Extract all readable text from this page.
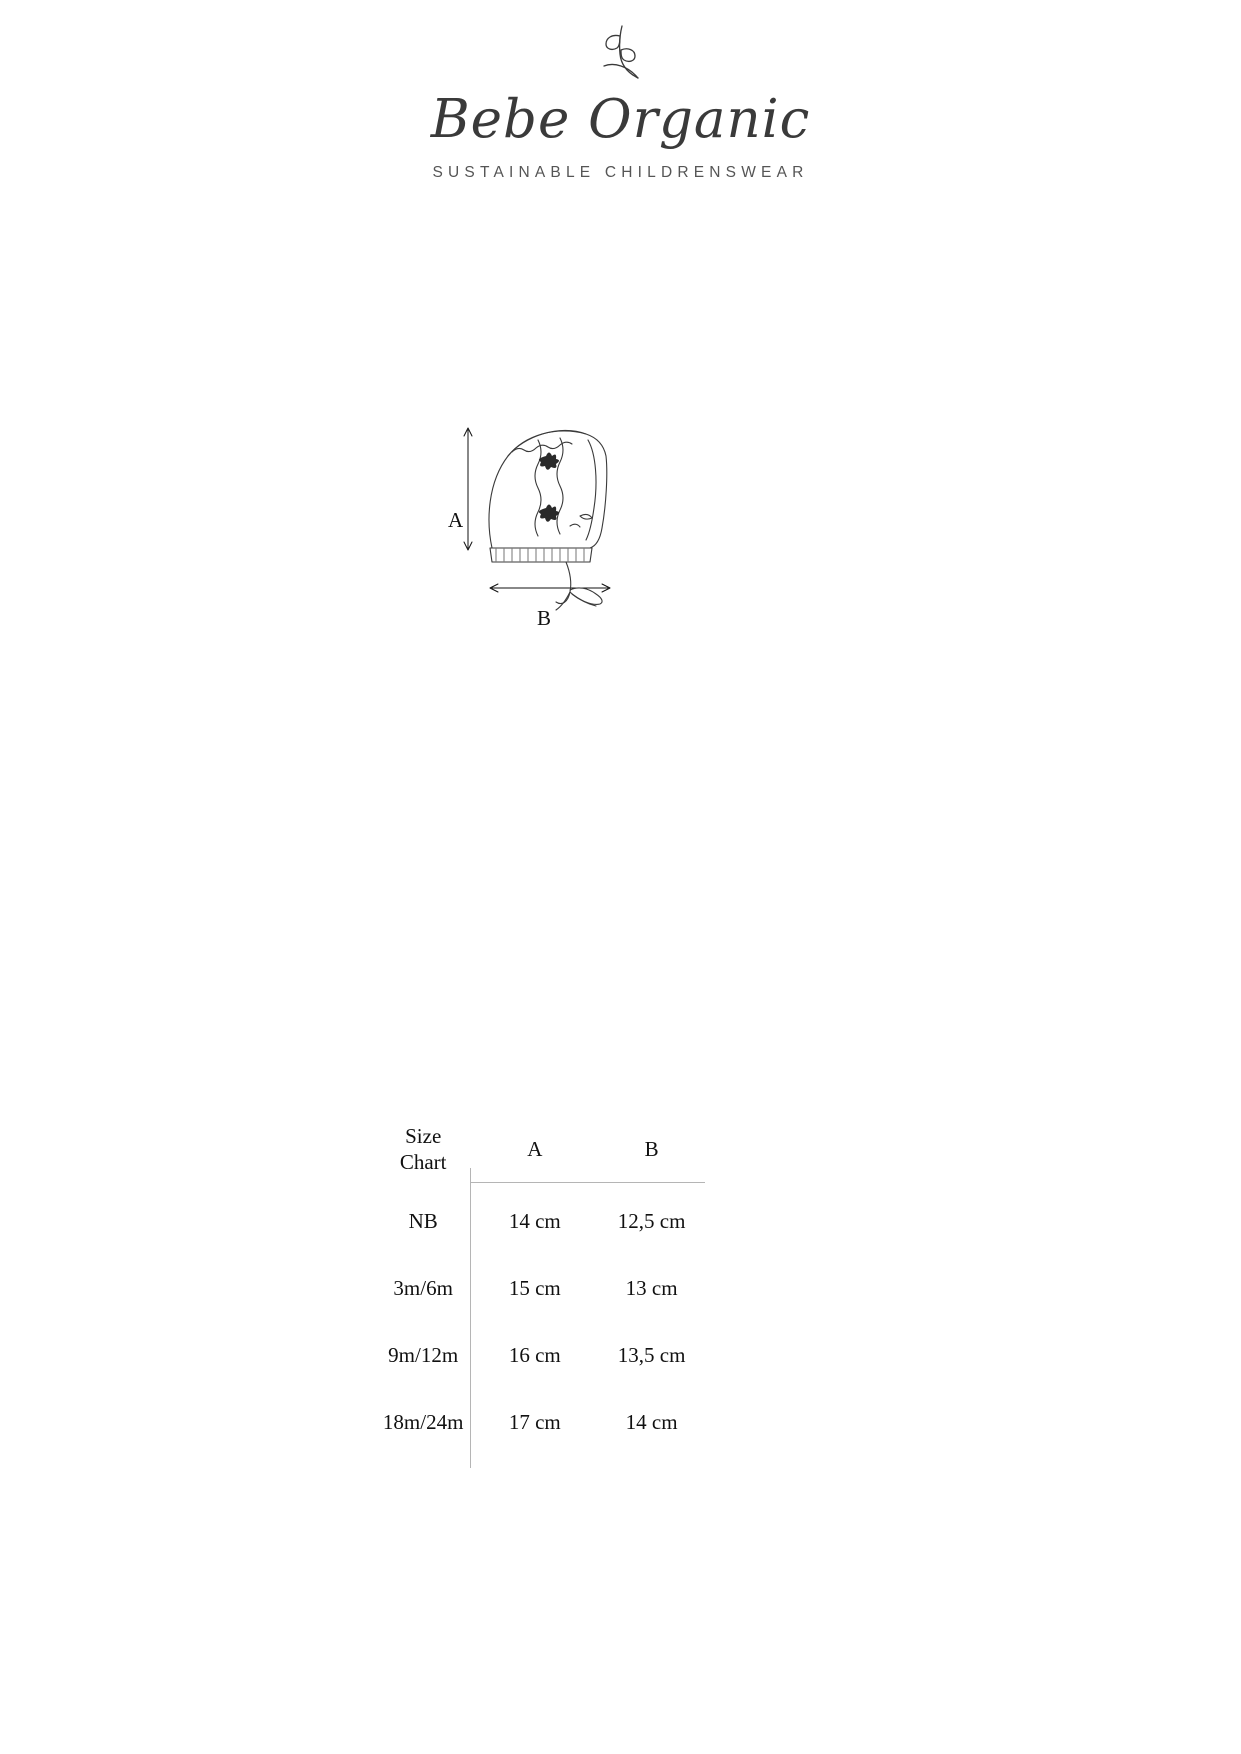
Bebe Organic
SUSTAINABLE CHILDRENSWEAR
A
B
Size
Chart	A	B
NB	14 cm	12,5 cm
3m/6m	15 cm	13 cm
9m/12m	16 cm	13,5 cm
18m/24m	17 cm	14 cm
